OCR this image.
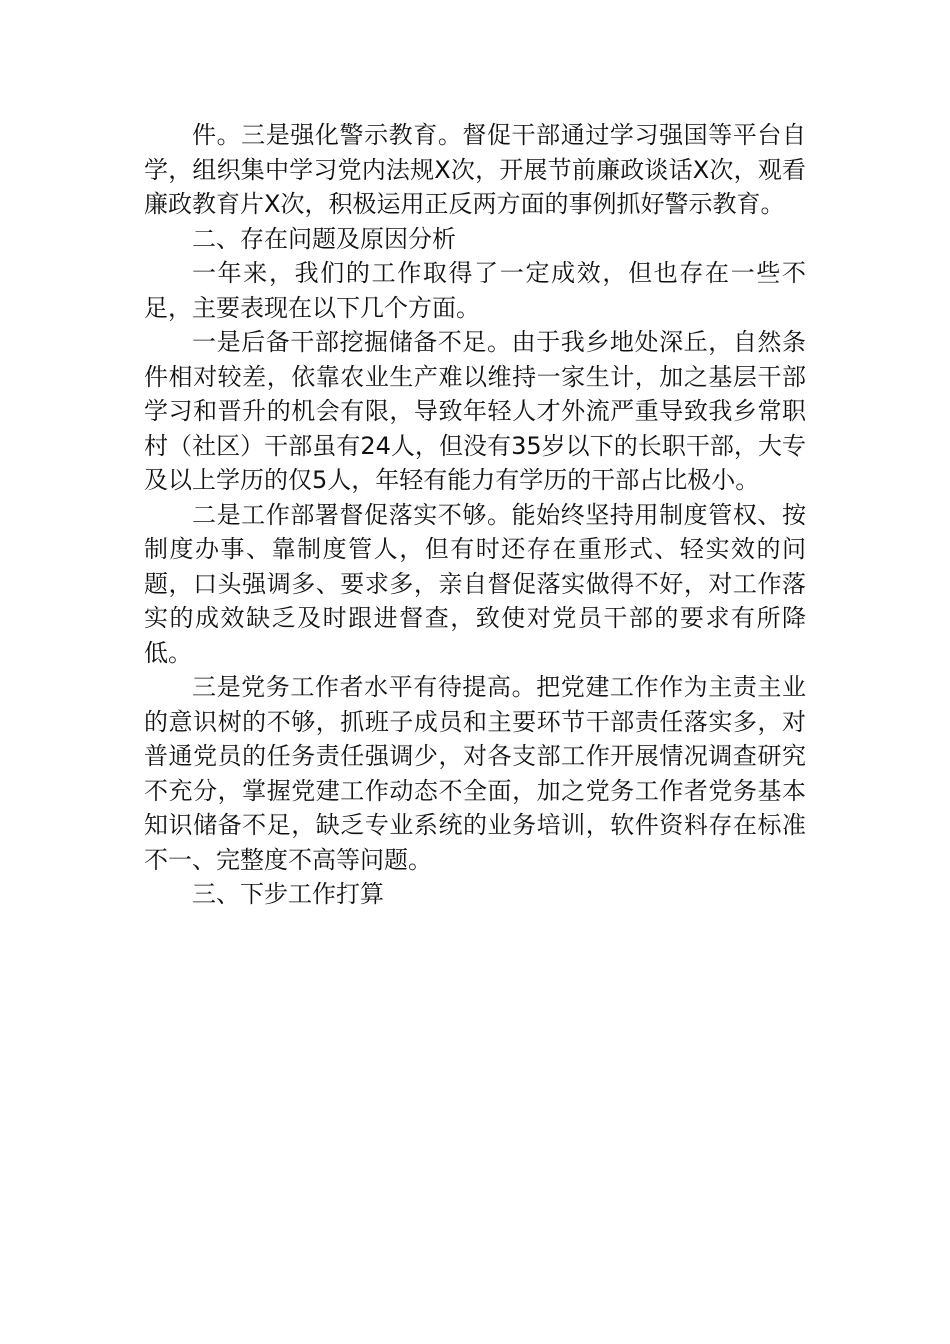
件。三是强化警示教育。督促干部通过学习强国等平台自学，组织集中学习党内法规X次，开展节前廉政谈话X次，观看廉政教育片X次，积极运用正反两方面的事例抓好警示教育。

二、存在问题及原因分析

一年来，我们的工作取得了一定成效，但也存在一些不足，主要表现在以下几个方面。

一是后备干部挖掘储备不足。由于我乡地处深丘，自然条件相对较差，依靠农业生产难以维持一家生计，加之基层干部学习和晋升的机会有限，导致年轻人才外流严重导致我乡常职村（社区）干部虽有24人，但没有35岁以下的长职干部，大专及以上学历的仅5人，年轻有能力有学历的干部占比极小。

二是工作部署督促落实不够。能始终坚持用制度管权、按制度办事、靠制度管人，但有时还存在重形式、轻实效的问题，口头强调多、要求多，亲自督促落实做得不好，对工作落实的成效缺乏及时跟进督查，致使对党员干部的要求有所降低。

三是党务工作者水平有待提高。把党建工作作为主责主业的意识树的不够，抓班子成员和主要环节干部责任落实多，对普通党员的任务责任强调少，对各支部工作开展情况调查研究不充分，掌握党建工作动态不全面，加之党务工作者党务基本知识储备不足，缺乏专业系统的业务培训，软件资料存在标准不一、完整度不高等问题。

三、下步工作打算
